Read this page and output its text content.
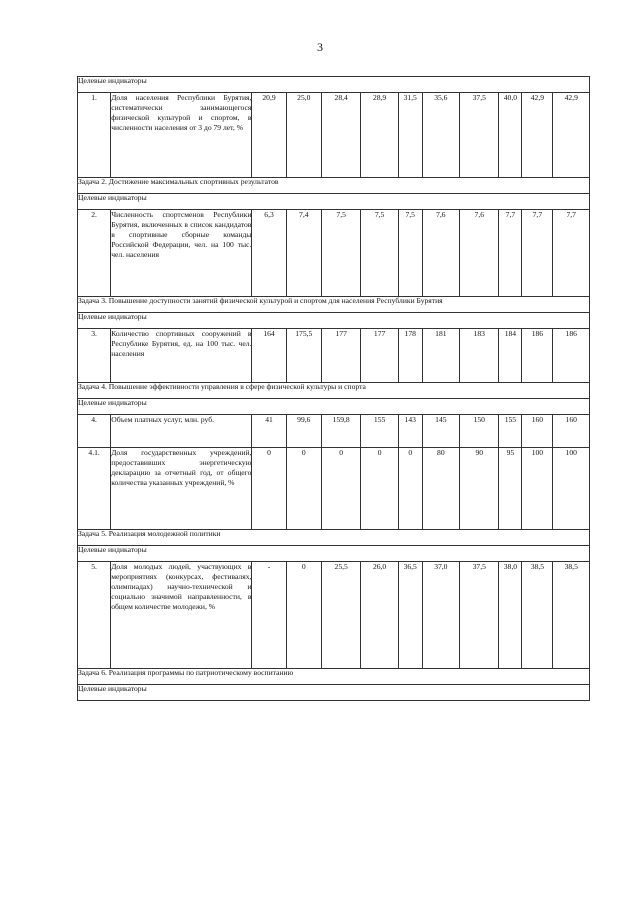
3
Целевые индикаторы											
1.	Доля населения Республики Бурятия, систематически занимающегося физической культурой и спортом, в численности населения от 3 до 79 лет, %	20,9	25,0	28,4	28,9	31,5	35,6	37,5	40,0	42,9	42,9
Задача 2. Достижение максимальных спортивных результатов											
Целевые индикаторы											
2.	Численность спортсменов Республики Бурятия, включенных в список кандидатов в спортивные сборные команды Российской Федерации, чел. на 100 тыс. чел. населения	6,3	7,4	7,5	7,5	7,5	7,6	7,6	7,7	7,7	7,7
Задача 3. Повышение доступности занятий физической культурой и спортом для населения Республики Бурятия											
Целевые индикаторы											
3.	Количество спортивных сооружений в Республике Бурятия, ед. на 100 тыс. чел. населения	164	175,5	177	177	178	181	183	184	186	186
Задача 4. Повышение эффективности управления в сфере физической культуры и спорта											
Целевые индикаторы											
4.	Объем платных услуг, млн. руб.	41	99,6	159,8	155	143	145	150	155	160	160
4.1.	Доля государственных учреждений, предоставивших энергетическую декларацию за отчетный год, от общего количества указанных учреждений, %	0	0	0	0	0	80	90	95	100	100
Задача 5. Реализация молодежной политики											
Целевые индикаторы											
5.	Доля молодых людей, участвующих в мероприятиях (конкурсах, фестивалях, олимпиадах) научно-технической и социально значимой направленности, в общем количестве молодежи, %	-	0	25,5	26,0	36,5	37,0	37,5	38,0	38,5	38,5
Задача 6. Реализация программы по патриотическому воспитанию											
Целевые индикаторы											
